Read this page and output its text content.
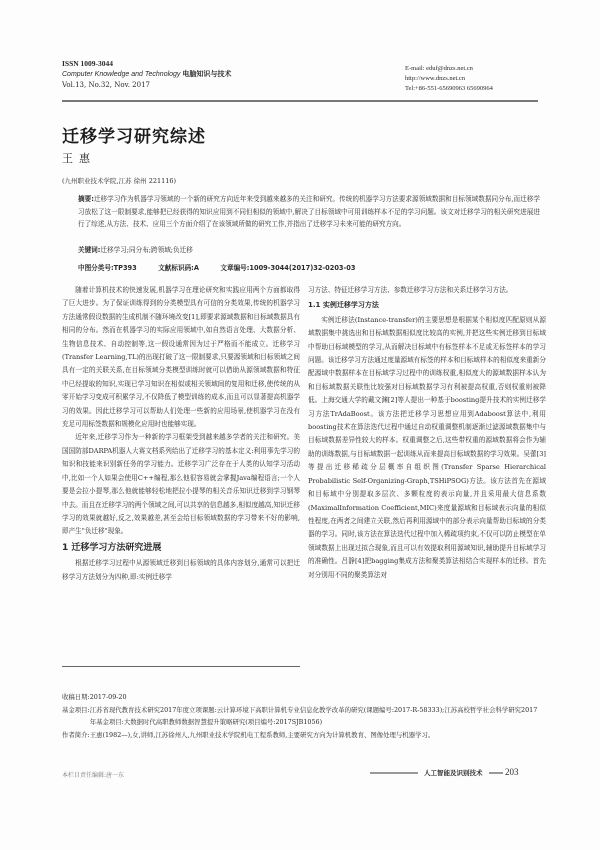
ISSN 1009-3044
Computer Knowledge and Technology 电脑知识与技术
Vol.13, No.32, Nov. 2017
E-mail: eduf@dnzs.net.cn
http://www.dnzs.net.cn
Tel:+86-551-65690963 65690964
迁移学习研究综述
王惠
(九州职业技术学院,江苏 徐州 221116)
摘要:迁移学习作为机器学习领域的一个新的研究方向近年来受到越来越多的关注和研究。传统的机器学习方法要求源领域数据和目标领域数据同分布,而迁移学习放松了这一限制要求,能够把已经获得的知识应用到不同但相似的领域中,解决了目标领域中可用训练样本不足的学习问题。该文对迁移学习的相关研究进展进行了综述,从方法、技术、应用三个方面介绍了在该领域所做的研究工作,并指出了迁移学习未来可能的研究方向。
关键词:迁移学习;同分布;跨领域;负迁移
中图分类号:TP393	文献标识码:A	文章编号:1009-3044(2017)32-0203-03

随着计算机技术的快速发展,机器学习在理论研究和实践应用两个方面都取得了巨大进步。为了保证训练得到的分类模型具有可信的分类效果,传统的机器学习方法通常假设数据的生成机制不随环境改变[1],即要求源域数据和目标域数据具有相同的分布。然而在机器学习的实际应用领域中,如自然语言处理、大数据分析、生物信息技术、自动控制等,这一假设通常因为过于严格而不能成立。迁移学习(Transfer Learning,TL)的出现打破了这一限制要求,只要源领域和目标领域之间具有一定的关联关系,在目标领域分类模型训练时就可以借助从源领域数据和特征中已经提取的知识,实现已学习知识在相似或相关领域间的复用和迁移,使传统的从零开始学习变成可积累学习,不仅降低了模型训练的成本,而且可以显著提高机器学习的效果。因此迁移学习可以帮助人们处理一些新的应用场景,使机器学习在没有充足可用标签数据和规模化应用时也能够实现。

近年来,迁移学习作为一种新的学习框架受到越来越多学者的关注和研究。美国国防部DARPA机器人大赛文档系列给出了迁移学习的基本定义:利用事先学习的知识和技能来识别新任务的学习能力。迁移学习广泛存在于人类的认知学习活动中,比如一个人如果会使用C++编程,那么他很容易就会掌握Java编程语言;一个人要是会拉小提琴,那么他就能够轻松地把拉小提琴的相关音乐知识迁移到学习钢琴中去。而且在迁移学习的两个领域之间,可以共享的信息越多,相似度越高,知识迁移学习的效果就越好,反之,效果越差,甚至会给目标领域数据的学习带来不好的影响,即产生"负迁移"现象。

1 迁移学习方法研究进展

根据迁移学习过程中从源领域迁移到目标领域的具体内容划分,通常可以把迁移学习方法划分为四种,即:实例迁移学

习方法、特征迁移学习方法、参数迁移学习方法和关系迁移学习方法。

1.1 实例迁移学习方法

实例迁移法(Instance-transfer)的主要思想是根据某个相似度匹配原则从源域数据集中挑选出和目标域数据相似度比较高的实例,并把这些实例迁移到目标域中帮助目标域模型的学习,从而解决目标域中有标签样本不足或无标签样本的学习问题。该迁移学习方法通过度量源域有标签的样本和目标域样本的相似度来重新分配源域中数据样本在目标域学习过程中的训练权重,相似度大的源域数据样本认为和目标域数据关联性比较强对目标域数据学习有利被提高权重,否则权重则被降低。上海交通大学的戴文渊[2]等人提出一种基于boosting提升技术的实例迁移学习方法TrAdaBoost。该方法把迁移学习思想应用到Adaboost算法中,利用boosting技术在算法迭代过程中通过自动权重调整机制逐渐过滤源域数据集中与目标域数据差异性较大的样本。权重调整之后,这些带权重的源域数据将会作为辅助的训练数据,与目标域数据一起训练从而来提高目标域数据的学习效果。吴蕾[3]等提出迁移稀疏分层概率自组织图(Transfer Sparse Hierarchical Probabilistic Self-Organizing-Graph,TSHiPSOG)方法。该方法首先在源域和目标域中分别提取多层次、多颗粒度的表示向量,并且采用最大信息系数(MaximalInformation Coefficient,MIC)来度量源域和目标域表示向量的相似性程度,在两者之间建立关联,然后再利用源域中的部分表示向量帮助目标域的分类器的学习。同时,该方法在算法迭代过程中加入稀疏项约束,不仅可以防止模型在单领域数据上出现过拟合现象,而且可以有效提取利用源域知识,辅助提升目标域学习的准确性。吕静[4]把bagging集成方法和聚类算法相结合实现样本的迁移。首先对分别用不同的聚类算法对

收稿日期: 2017-09-20
基金项目: 江苏省现代教育技术研究2017年度立项课题:云计算环境下高职计算机专业信息化教学改革的研究(课题编号:2017-R-58333);江苏高校哲学社会科学研究2017年基金项目:大数据时代高职教师数据智慧提升策略研究(项目编号:2017SJB1056)
作者简介: 王惠(1982—),女,讲师,江苏徐州人,九州职业技术学院机电工程系教师,主要研究方向为计算机教育、图像处理与机器学习。
本栏目责任编辑:唐一东	人工智能及识别技术	203
